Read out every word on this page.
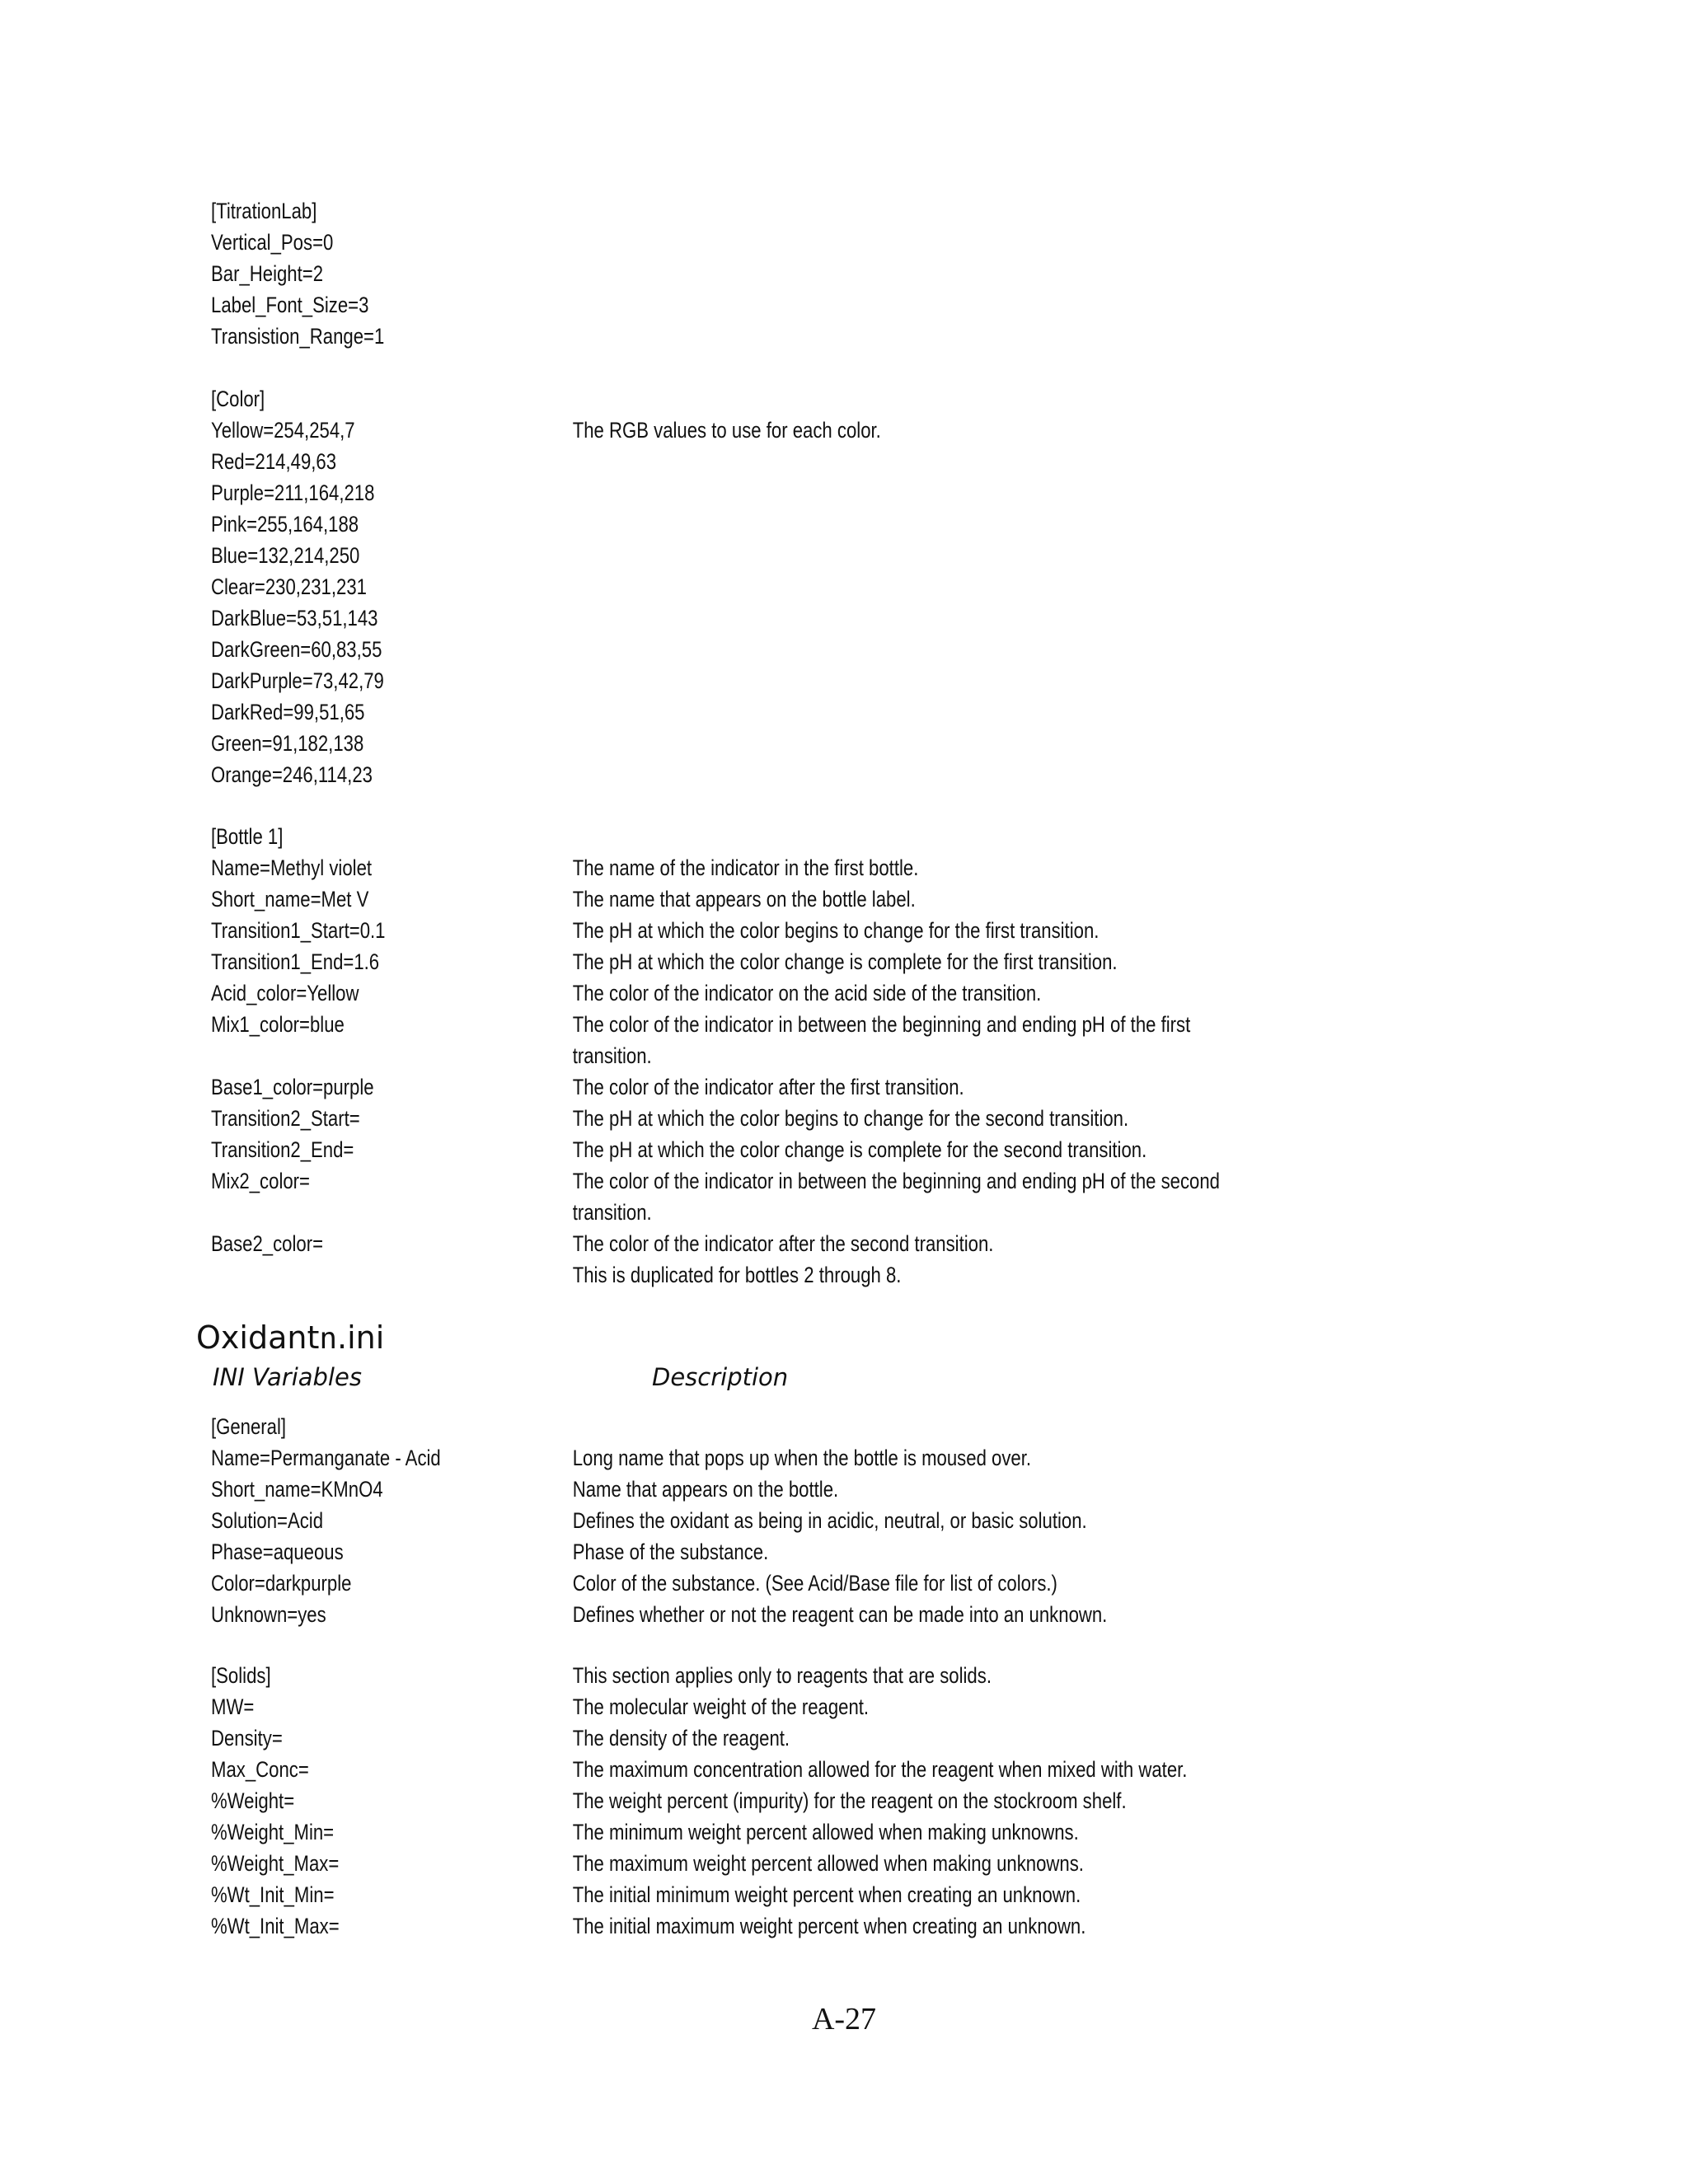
[TitrationLab]
Vertical_Pos=0
Bar_Height=2
Label_Font_Size=3
Transistion_Range=1
[Color]
Yellow=254,254,7	The RGB values to use for each color.
Red=214,49,63
Purple=211,164,218
Pink=255,164,188
Blue=132,214,250
Clear=230,231,231
DarkBlue=53,51,143
DarkGreen=60,83,55
DarkPurple=73,42,79
DarkRed=99,51,65
Green=91,182,138
Orange=246,114,23
[Bottle 1]
Name=Methyl violet	The name of the indicator in the first bottle.
Short_name=Met V	The name that appears on the bottle label.
Transition1_Start=0.1	The pH at which the color begins to change for the first transition.
Transition1_End=1.6	The pH at which the color change is complete for the first transition.
Acid_color=Yellow	The color of the indicator on the acid side of the transition.
Mix1_color=blue	The color of the indicator in between the beginning and ending pH of the first
transition.
Base1_color=purple	The color of the indicator after the first transition.
Transition2_Start=	The pH at which the color begins to change for the second transition.
Transition2_End=	The pH at which the color change is complete for the second transition.
Mix2_color=	The color of the indicator in between the beginning and ending pH of the second
transition.
Base2_color=	The color of the indicator after the second transition.
This is duplicated for bottles 2 through 8.
Oxidantn.ini
INI Variables	Description
[General]
Name=Permanganate - Acid	Long name that pops up when the bottle is moused over.
Short_name=KMnO4	Name that appears on the bottle.
Solution=Acid	Defines the oxidant as being in acidic, neutral, or basic solution.
Phase=aqueous	Phase of the substance.
Color=darkpurple	Color of the substance. (See Acid/Base file for list of colors.)
Unknown=yes	Defines whether or not the reagent can be made into an unknown.
[Solids]	This section applies only to reagents that are solids.
MW=	The molecular weight of the reagent.
Density=	The density of the reagent.
Max_Conc=	The maximum concentration allowed for the reagent when mixed with water.
%Weight=	The weight percent (impurity) for the reagent on the stockroom shelf.
%Weight_Min=	The minimum weight percent allowed when making unknowns.
%Weight_Max=	The maximum weight percent allowed when making unknowns.
%Wt_Init_Min=	The initial minimum weight percent when creating an unknown.
%Wt_Init_Max=	The initial maximum weight percent when creating an unknown.
A-27
